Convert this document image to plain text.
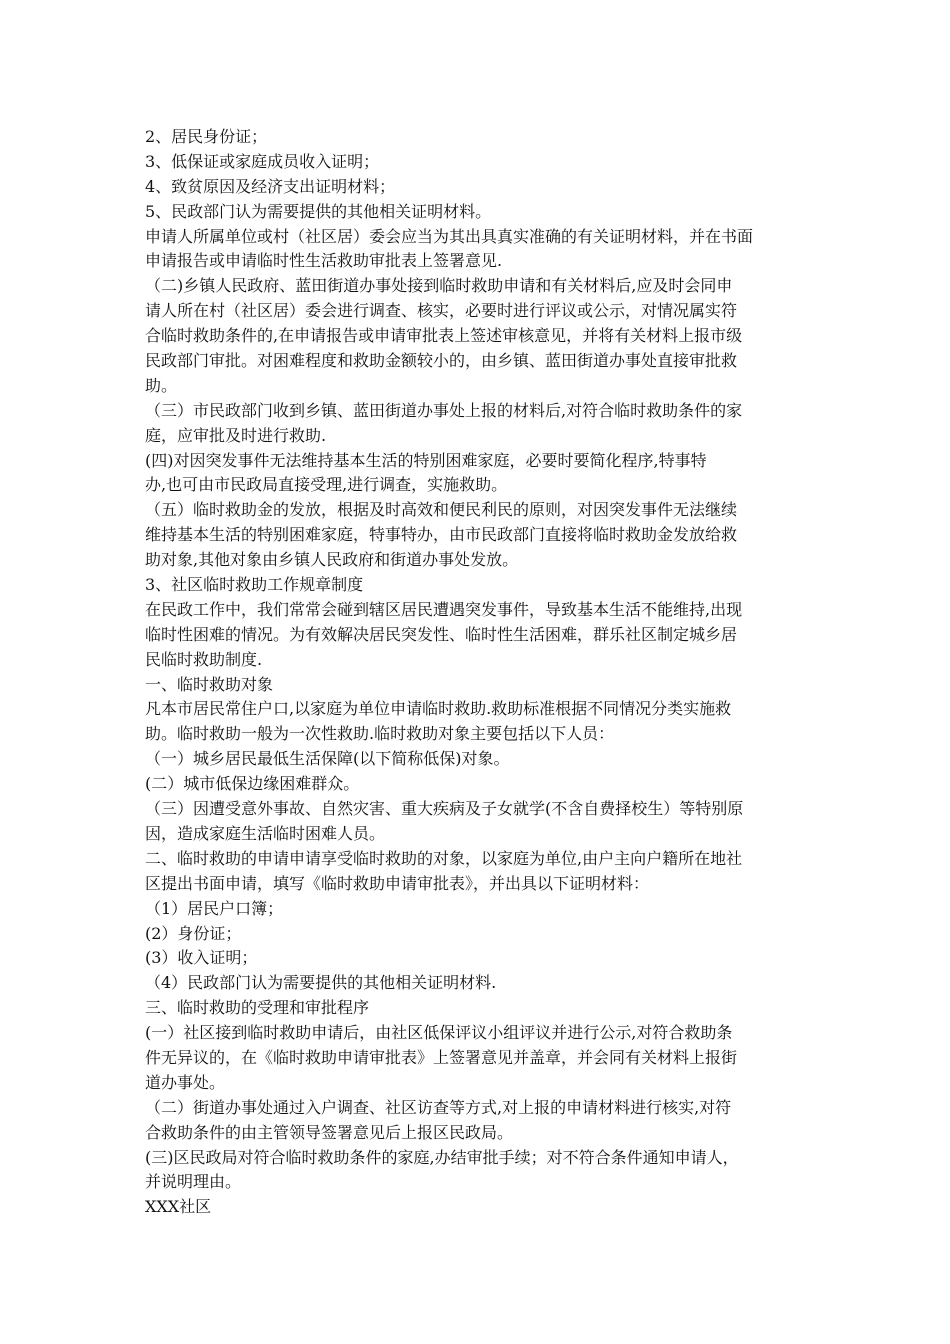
2、居民身份证；
3、低保证或家庭成员收入证明；
4、致贫原因及经济支出证明材料；
5、民政部门认为需要提供的其他相关证明材料。
申请人所属单位或村（社区居）委会应当为其出具真实准确的有关证明材料，并在书面
申请报告或申请临时性生活救助审批表上签署意见.
（二)乡镇人民政府、蓝田街道办事处接到临时救助申请和有关材料后,应及时会同申
请人所在村（社区居）委会进行调查、核实，必要时进行评议或公示，对情况属实符
合临时救助条件的,在申请报告或申请审批表上签述审核意见，并将有关材料上报市级
民政部门审批。对困难程度和救助金额较小的，由乡镇、蓝田街道办事处直接审批救
助。
（三）市民政部门收到乡镇、蓝田街道办事处上报的材料后,对符合临时救助条件的家
庭，应审批及时进行救助.
(四)对因突发事件无法维持基本生活的特别困难家庭，必要时要简化程序,特事特
办,也可由市民政局直接受理,进行调查，实施救助。
（五）临时救助金的发放，根据及时高效和便民利民的原则，对因突发事件无法继续
维持基本生活的特别困难家庭，特事特办，由市民政部门直接将临时救助金发放给救
助对象,其他对象由乡镇人民政府和街道办事处发放。
3、社区临时救助工作规章制度
在民政工作中，我们常常会碰到辖区居民遭遇突发事件，导致基本生活不能维持,出现
临时性困难的情况。为有效解决居民突发性、临时性生活困难，群乐社区制定城乡居
民临时救助制度.
一、临时救助对象
凡本市居民常住户口,以家庭为单位申请临时救助.救助标准根据不同情况分类实施救
助。临时救助一般为一次性救助.临时救助对象主要包括以下人员：
（一）城乡居民最低生活保障(以下简称低保)对象。
(二）城市低保边缘困难群众。
（三）因遭受意外事故、自然灾害、重大疾病及子女就学(不含自费择校生）等特别原
因，造成家庭生活临时困难人员。
二、临时救助的申请申请享受临时救助的对象，以家庭为单位,由户主向户籍所在地社
区提出书面申请，填写《临时救助申请审批表》，并出具以下证明材料：
（1）居民户口簿；
(2）身份证；
(3）收入证明；
（4）民政部门认为需要提供的其他相关证明材料.
三、临时救助的受理和审批程序
(一）社区接到临时救助申请后，由社区低保评议小组评议并进行公示,对符合救助条
件无异议的，在《临时救助申请审批表》上签署意见并盖章，并会同有关材料上报街
道办事处。
（二）街道办事处通过入户调查、社区访查等方式,对上报的申请材料进行核实,对符
合救助条件的由主管领导签署意见后上报区民政局。
(三)区民政局对符合临时救助条件的家庭,办结审批手续；对不符合条件通知申请人，
并说明理由。
XXX社区
